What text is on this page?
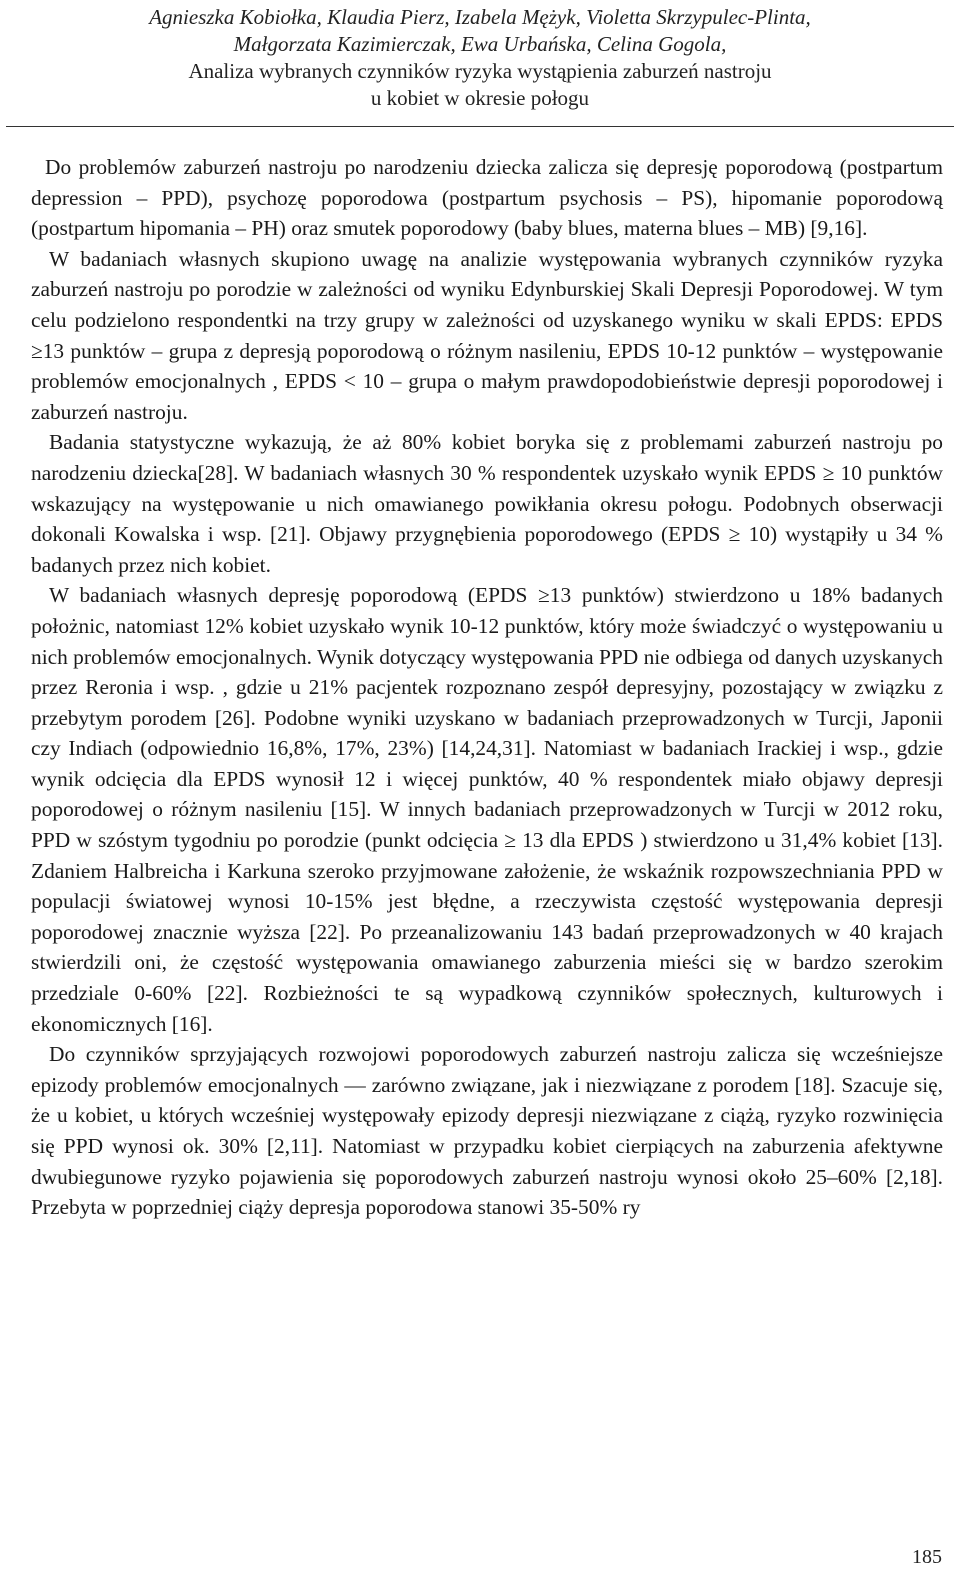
Agnieszka Kobiołka, Klaudia Pierz, Izabela Mężyk, Violetta Skrzypulec-Plinta,
Małgorzata Kazimierczak, Ewa Urbańska, Celina Gogola,
Analiza wybranych czynników ryzyka wystąpienia zaburzeń nastroju
u kobiet w okresie połogu

Do problemów zaburzeń nastroju po narodzeniu dziecka zalicza się depresję poporodową (postpartum depression – PPD), psychozę poporodowa (postpartum psychosis – PS), hipomanie poporodową (postpartum hipomania – PH) oraz smutek poporodowy (baby blues, materna blues – MB) [9,16].

W badaniach własnych skupiono uwagę na analizie występowania wybranych czynników ryzyka zaburzeń nastroju po porodzie w zależności od wyniku Edynburskiej Skali Depresji Poporodowej. W tym celu podzielono respondentki na trzy grupy w zależności od uzyskanego wyniku w skali EPDS: EPDS ≥13 punktów – grupa z depresją poporodową o różnym nasileniu, EPDS 10-12 punktów – występowanie problemów emocjonalnych , EPDS < 10 – grupa o małym prawdopodobieństwie depresji poporodowej i zaburzeń nastroju.

Badania statystyczne wykazują, że aż 80% kobiet boryka się z problemami zaburzeń nastroju po narodzeniu dziecka[28]. W badaniach własnych 30 % respondentek uzyskało wynik EPDS ≥ 10 punktów wskazujący na występowanie u nich omawianego powikłania okresu połogu. Podobnych obserwacji dokonali Kowalska i wsp. [21]. Objawy przygnębienia poporodowego (EPDS ≥ 10) wystąpiły u 34 % badanych przez nich kobiet.

W badaniach własnych depresję poporodową (EPDS ≥13 punktów) stwierdzono u 18% badanych położnic, natomiast 12% kobiet uzyskało wynik 10-12 punktów, który może świadczyć o występowaniu u nich problemów emocjonalnych. Wynik dotyczący występowania PPD nie odbiega od danych uzyskanych przez Reronia i wsp. , gdzie u 21% pacjentek rozpoznano zespół depresyjny, pozostający w związku z przebytym porodem [26]. Podobne wyniki uzyskano w badaniach przeprowadzonych w Turcji, Japonii czy Indiach (odpowiednio 16,8%, 17%, 23%) [14,24,31]. Natomiast w badaniach Irackiej i wsp., gdzie wynik odcięcia dla EPDS wynosił 12 i więcej punktów, 40 % respondentek miało objawy depresji poporodowej o różnym nasileniu [15]. W innych badaniach przeprowadzonych w Turcji w 2012 roku, PPD w szóstym tygodniu po porodzie (punkt odcięcia ≥ 13 dla EPDS ) stwierdzono u 31,4% kobiet [13]. Zdaniem Halbreicha i Karkuna szeroko przyjmowane założenie, że wskaźnik rozpowszechniania PPD w populacji światowej wynosi 10-15% jest błędne, a rzeczywista częstość występowania depresji poporodowej znacznie wyższa [22]. Po przeanalizowaniu 143 badań przeprowadzonych w 40 krajach stwierdzili oni, że częstość występowania omawianego zaburzenia mieści się w bardzo szerokim przedziale 0-60% [22]. Rozbieżności te są wypadkową czynników społecznych, kulturowych i ekonomicznych [16].

Do czynników sprzyjających rozwojowi poporodowych zaburzeń nastroju zalicza się wcześniejsze epizody problemów emocjonalnych — zarówno związane, jak i niezwiązane z porodem [18]. Szacuje się, że u kobiet, u których wcześniej występowały epizody depresji niezwiązane z ciążą, ryzyko rozwinięcia się PPD wynosi ok. 30% [2,11]. Natomiast w przypadku kobiet cierpiących na zaburzenia afektywne dwubiegunowe ryzyko pojawienia się poporodowych zaburzeń nastroju wynosi około 25–60% [2,18]. Przebyta w poprzedniej ciąży depresja poporodowa stanowi 35-50% ry

185
